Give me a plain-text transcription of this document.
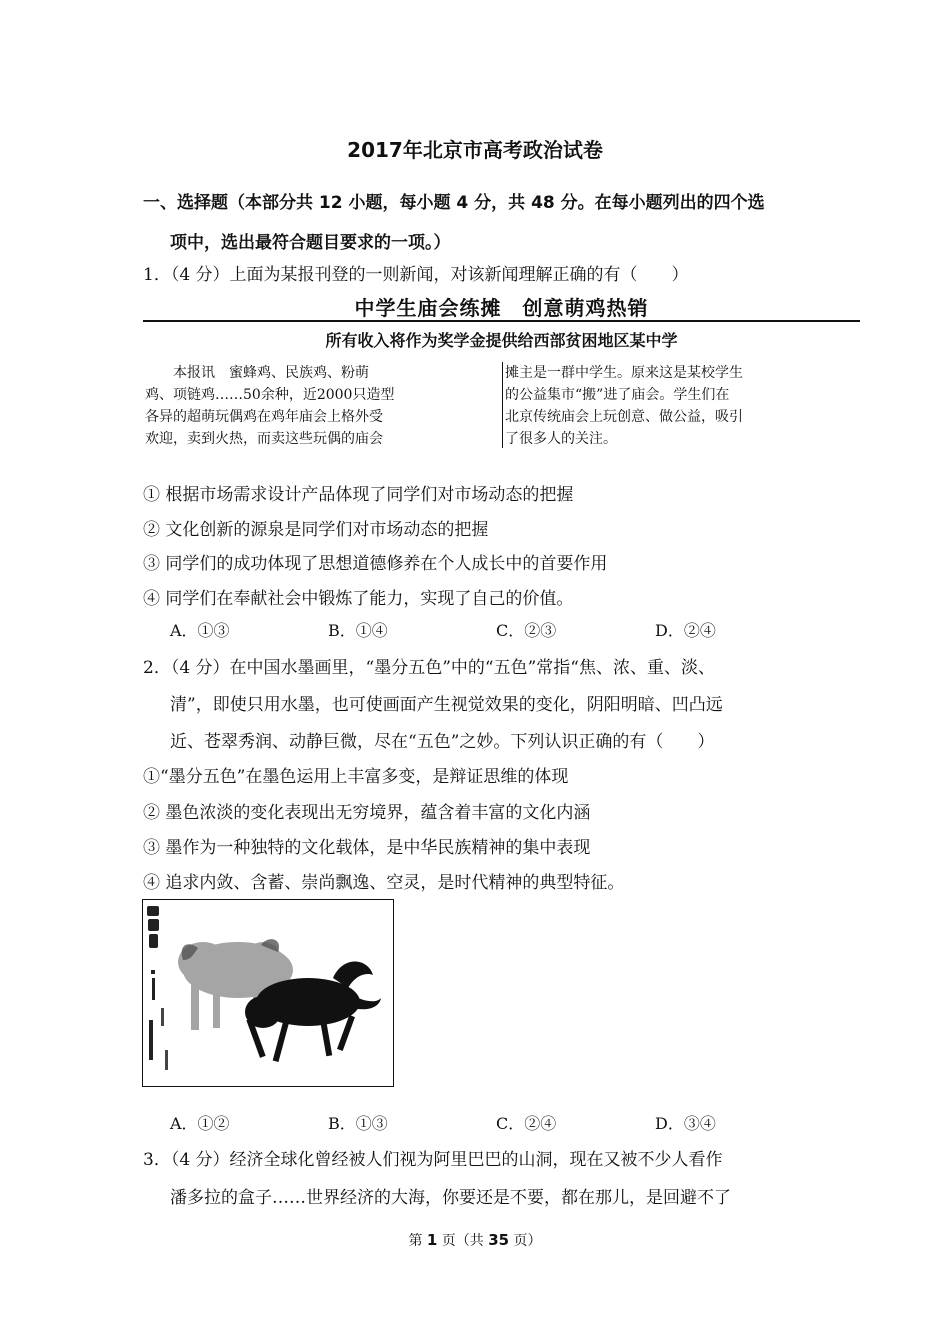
2017年北京市高考政治试卷
一、选择题（本部分共 12 小题，每小题 4 分，共 48 分。在每小题列出的四个选
项中，选出最符合题目要求的一项。）
1．（4 分）上面为某报刊登的一则新闻，对该新闻理解正确的有（　　）
中学生庙会练摊　创意萌鸡热销
所有收入将作为奖学金提供给西部贫困地区某中学
本报讯　蜜蜂鸡、民族鸡、粉萌
鸡、项链鸡……50余种，近2000只造型
各异的超萌玩偶鸡在鸡年庙会上格外受
欢迎，卖到火热，而卖这些玩偶的庙会
摊主是一群中学生。原来这是某校学生
的公益集市“搬”进了庙会。学生们在
北京传统庙会上玩创意、做公益，吸引
了很多人的关注。
① 根据市场需求设计产品体现了同学们对市场动态的把握
② 文化创新的源泉是同学们对市场动态的把握
③ 同学们的成功体现了思想道德修养在个人成长中的首要作用
④ 同学们在奉献社会中锻炼了能力，实现了自己的价值。
A．①③	B．①④	C．②③	D．②④
2．（4 分）在中国水墨画里，“墨分五色”中的“五色”常指“焦、浓、重、淡、
清”，即使只用水墨，也可使画面产生视觉效果的变化，阴阳明暗、凹凸远
近、苍翠秀润、动静巨微，尽在“五色”之妙。下列认识正确的有（　　）
①“墨分五色”在墨色运用上丰富多变，是辩证思维的体现
② 墨色浓淡的变化表现出无穷境界，蕴含着丰富的文化内涵
③ 墨作为一种独特的文化载体，是中华民族精神的集中表现
④ 追求内敛、含蓄、崇尚飘逸、空灵，是时代精神的典型特征。
A．①②	B．①③	C．②④	D．③④
3．（4 分）经济全球化曾经被人们视为阿里巴巴的山洞，现在又被不少人看作
潘多拉的盒子……世界经济的大海，你要还是不要，都在那儿，是回避不了
第 1 页（共 35 页）
